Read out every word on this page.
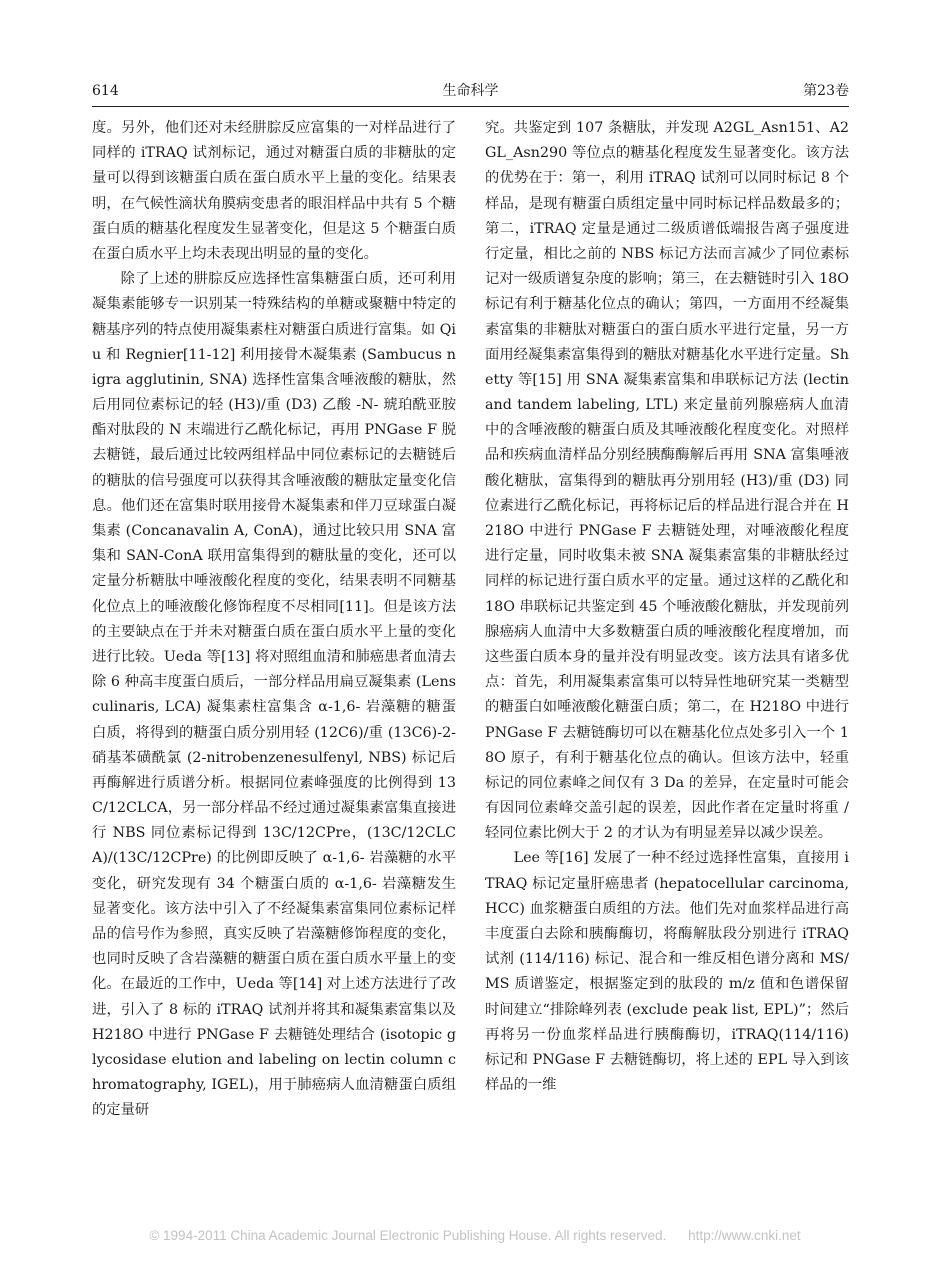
614	生命科学	第23卷

度。另外，他们还对未经肼腙反应富集的一对样品进行了同样的 iTRAQ 试剂标记，通过对糖蛋白质的非糖肽的定量可以得到该糖蛋白质在蛋白质水平上量的变化。结果表明，在气候性滴状角膜病变患者的眼泪样品中共有 5 个糖蛋白质的糖基化程度发生显著变化，但是这 5 个糖蛋白质在蛋白质水平上均未表现出明显的量的变化。

除了上述的肼腙反应选择性富集糖蛋白质，还可利用凝集素能够专一识别某一特殊结构的单糖或聚糖中特定的糖基序列的特点使用凝集素柱对糖蛋白质进行富集。如 Qiu 和 Regnier[11-12] 利用接骨木凝集素 (Sambucus nigra agglutinin, SNA) 选择性富集含唾液酸的糖肽，然后用同位素标记的轻 (H3)/重 (D3) 乙酸 -N- 琥珀酰亚胺酯对肽段的 N 末端进行乙酰化标记，再用 PNGase F 脱去糖链，最后通过比较两组样品中同位素标记的去糖链后的糖肽的信号强度可以获得其含唾液酸的糖肽定量变化信息。他们还在富集时联用接骨木凝集素和伴刀豆球蛋白凝集素 (Concanavalin A, ConA)，通过比较只用 SNA 富集和 SAN-ConA 联用富集得到的糖肽量的变化，还可以定量分析糖肽中唾液酸化程度的变化，结果表明不同糖基化位点上的唾液酸化修饰程度不尽相同[11]。但是该方法的主要缺点在于并未对糖蛋白质在蛋白质水平上量的变化进行比较。Ueda 等[13] 将对照组血清和肺癌患者血清去除 6 种高丰度蛋白质后，一部分样品用扁豆凝集素 (Lens culinaris, LCA) 凝集素柱富集含 α-1,6- 岩藻糖的糖蛋白质，将得到的糖蛋白质分别用轻 (12C6)/重 (13C6)-2- 硝基苯磺酰氯 (2-nitrobenzenesulfenyl, NBS) 标记后再酶解进行质谱分析。根据同位素峰强度的比例得到 13C/12CLCA，另一部分样品不经过通过凝集素富集直接进行 NBS 同位素标记得到 13C/12CPre，(13C/12CLCA)/(13C/12CPre) 的比例即反映了 α-1,6- 岩藻糖的水平变化，研究发现有 34 个糖蛋白质的 α-1,6- 岩藻糖发生显著变化。该方法中引入了不经凝集素富集同位素标记样品的信号作为参照，真实反映了岩藻糖修饰程度的变化，也同时反映了含岩藻糖的糖蛋白质在蛋白质水平量上的变化。在最近的工作中，Ueda 等[14] 对上述方法进行了改进，引入了 8 标的 iTRAQ 试剂并将其和凝集素富集以及 H218O 中进行 PNGase F 去糖链处理结合 (isotopic glycosidase elution and labeling on lectin column chromatography, IGEL)，用于肺癌病人血清糖蛋白质组的定量研

究。共鉴定到 107 条糖肽，并发现 A2GL_Asn151、A2GL_Asn290 等位点的糖基化程度发生显著变化。该方法的优势在于：第一，利用 iTRAQ 试剂可以同时标记 8 个样品，是现有糖蛋白质组定量中同时标记样品数最多的；第二，iTRAQ 定量是通过二级质谱低端报告离子强度进行定量，相比之前的 NBS 标记方法而言减少了同位素标记对一级质谱复杂度的影响；第三，在去糖链时引入 18O 标记有利于糖基化位点的确认；第四，一方面用不经凝集素富集的非糖肽对糖蛋白的蛋白质水平进行定量，另一方面用经凝集素富集得到的糖肽对糖基化水平进行定量。Shetty 等[15] 用 SNA 凝集素富集和串联标记方法 (lectin and tandem labeling, LTL) 来定量前列腺癌病人血清中的含唾液酸的糖蛋白质及其唾液酸化程度变化。对照样品和疾病血清样品分别经胰酶酶解后再用 SNA 富集唾液酸化糖肽，富集得到的糖肽再分别用轻 (H3)/重 (D3) 同位素进行乙酰化标记，再将标记后的样品进行混合并在 H218O 中进行 PNGase F 去糖链处理，对唾液酸化程度进行定量，同时收集未被 SNA 凝集素富集的非糖肽经过同样的标记进行蛋白质水平的定量。通过这样的乙酰化和 18O 串联标记共鉴定到 45 个唾液酸化糖肽，并发现前列腺癌病人血清中大多数糖蛋白质的唾液酸化程度增加，而这些蛋白质本身的量并没有明显改变。该方法具有诸多优点：首先，利用凝集素富集可以特异性地研究某一类糖型的糖蛋白如唾液酸化糖蛋白质；第二，在 H218O 中进行 PNGase F 去糖链酶切可以在糖基化位点处多引入一个 18O 原子，有利于糖基化位点的确认。但该方法中，轻重标记的同位素峰之间仅有 3 Da 的差异，在定量时可能会有因同位素峰交盖引起的误差，因此作者在定量时将重 / 轻同位素比例大于 2 的才认为有明显差异以减少误差。

Lee 等[16] 发展了一种不经过选择性富集，直接用 iTRAQ 标记定量肝癌患者 (hepatocellular carcinoma, HCC) 血浆糖蛋白质组的方法。他们先对血浆样品进行高丰度蛋白去除和胰酶酶切，将酶解肽段分别进行 iTRAQ 试剂 (114/116) 标记、混合和一维反相色谱分离和 MS/MS 质谱鉴定，根据鉴定到的肽段的 m/z 值和色谱保留时间建立“排除峰列表 (exclude peak list, EPL)”；然后再将另一份血浆样品进行胰酶酶切，iTRAQ(114/116) 标记和 PNGase F 去糖链酶切，将上述的 EPL 导入到该样品的一维

© 1994-2011 China Academic Journal Electronic Publishing House. All rights reserved. http://www.cnki.net
